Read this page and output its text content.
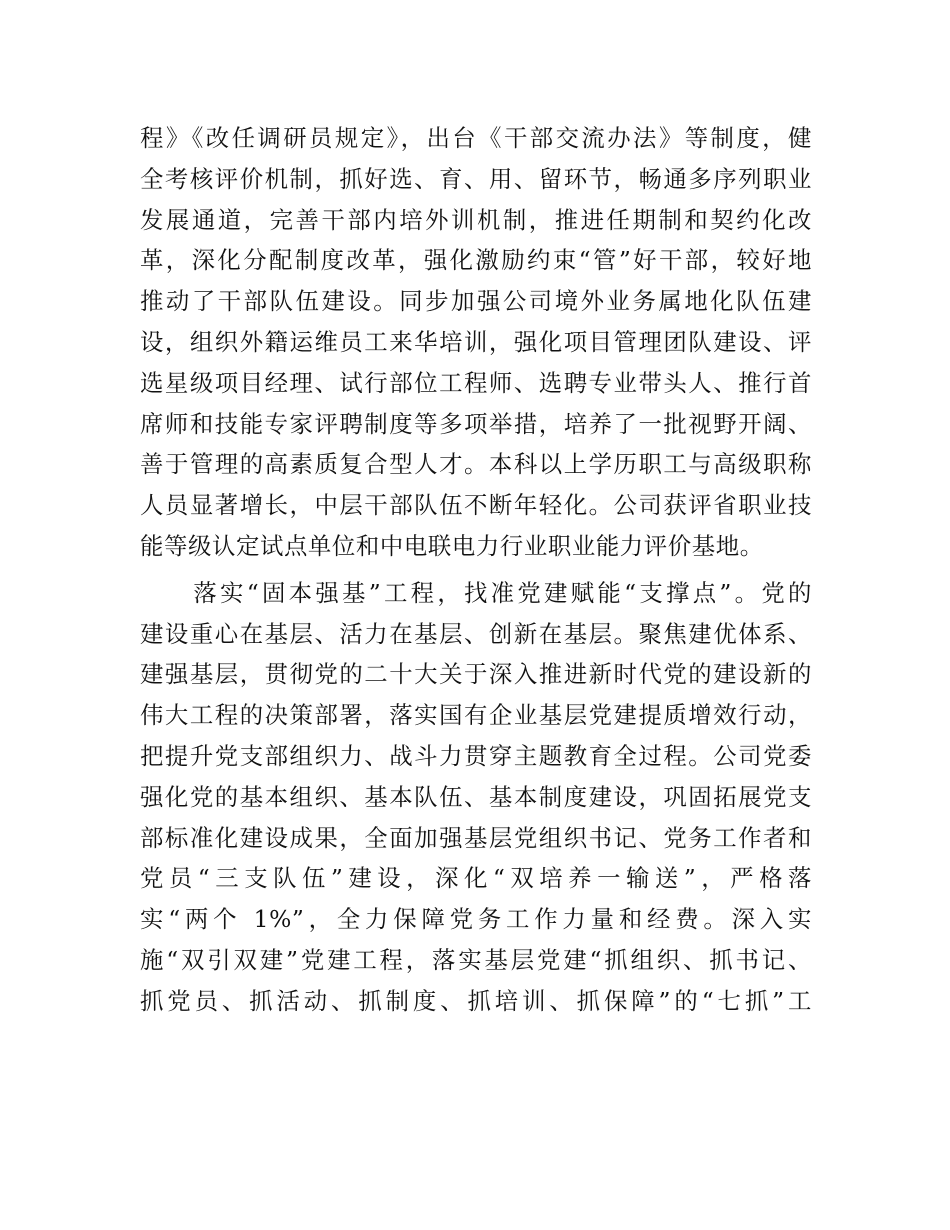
程》《改任调研员规定》，出台《干部交流办法》等制度，健
全考核评价机制，抓好选、育、用、留环节，畅通多序列职业
发展通道，完善干部内培外训机制，推进任期制和契约化改
革，深化分配制度改革，强化激励约束“管”好干部，较好地
推动了干部队伍建设。同步加强公司境外业务属地化队伍建
设，组织外籍运维员工来华培训，强化项目管理团队建设、评
选星级项目经理、试行部位工程师、选聘专业带头人、推行首
席师和技能专家评聘制度等多项举措，培养了一批视野开阔、
善于管理的高素质复合型人才。本科以上学历职工与高级职称
人员显著增长，中层干部队伍不断年轻化。公司获评省职业技
能等级认定试点单位和中电联电力行业职业能力评价基地。
　　落实“固本强基”工程，找准党建赋能“支撑点”。党的
建设重心在基层、活力在基层、创新在基层。聚焦建优体系、
建强基层，贯彻党的二十大关于深入推进新时代党的建设新的
伟大工程的决策部署，落实国有企业基层党建提质增效行动，
把提升党支部组织力、战斗力贯穿主题教育全过程。公司党委
强化党的基本组织、基本队伍、基本制度建设，巩固拓展党支
部标准化建设成果，全面加强基层党组织书记、党务工作者和
党员“三支队伍”建设，深化“双培养一输送”，严格落
实“两个 1%”，全力保障党务工作力量和经费。深入实
施“双引双建”党建工程，落实基层党建“抓组织、抓书记、
抓党员、抓活动、抓制度、抓培训、抓保障”的“七抓”工
